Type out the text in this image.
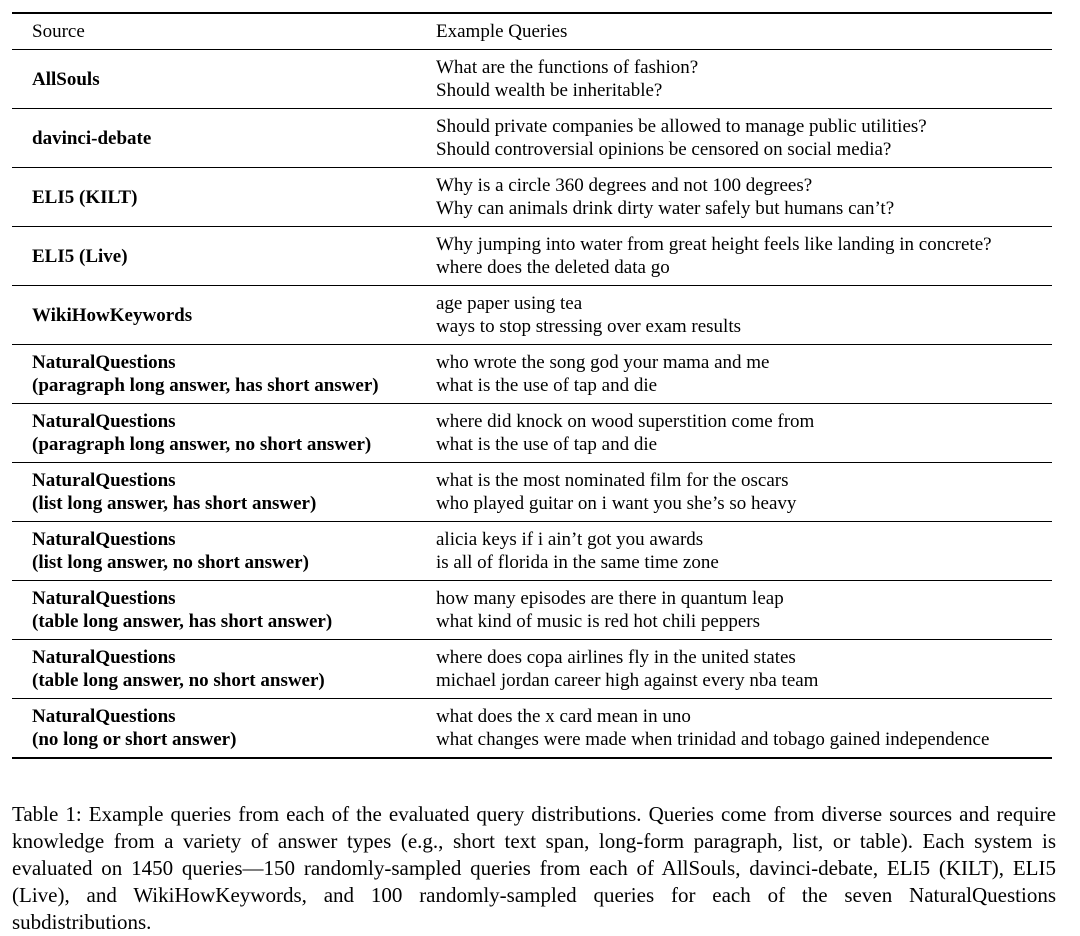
Source	Example Queries

AllSouls	What are the functions of fashion?
Should wealth be inheritable?

davinci-debate	Should private companies be allowed to manage public utilities?
Should controversial opinions be censored on social media?

ELI5 (KILT)	Why is a circle 360 degrees and not 100 degrees?
Why can animals drink dirty water safely but humans can’t?

ELI5 (Live)	Why jumping into water from great height feels like landing in concrete?
where does the deleted data go

WikiHowKeywords	age paper using tea
ways to stop stressing over exam results

NaturalQuestions
(paragraph long answer, has short answer)	who wrote the song god your mama and me
what is the use of tap and die

NaturalQuestions
(paragraph long answer, no short answer)	where did knock on wood superstition come from
what is the use of tap and die

NaturalQuestions
(list long answer, has short answer)	what is the most nominated film for the oscars
who played guitar on i want you she’s so heavy

NaturalQuestions
(list long answer, no short answer)	alicia keys if i ain’t got you awards
is all of florida in the same time zone

NaturalQuestions
(table long answer, has short answer)	how many episodes are there in quantum leap
what kind of music is red hot chili peppers

NaturalQuestions
(table long answer, no short answer)	where does copa airlines fly in the united states
michael jordan career high against every nba team

NaturalQuestions
(no long or short answer)	what does the x card mean in uno
what changes were made when trinidad and tobago gained independence

Table 1: Example queries from each of the evaluated query distributions. Queries come from diverse sources and require knowledge from a variety of answer types (e.g., short text span, long-form paragraph, list, or table). Each system is evaluated on 1450 queries—150 randomly-sampled queries from each of AllSouls, davinci-debate, ELI5 (KILT), ELI5 (Live), and WikiHowKeywords, and 100 randomly-sampled queries for each of the seven NaturalQuestions subdistributions.
